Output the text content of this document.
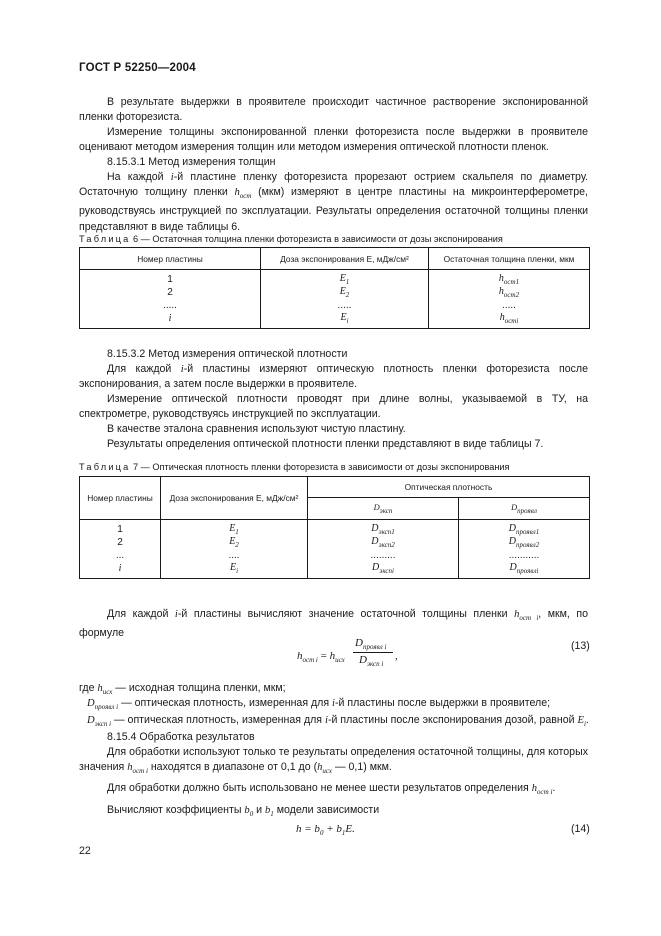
ГОСТ Р 52250—2004
В результате выдержки в проявителе происходит частичное растворение экспонированной пленки фоторезиста.
Измерение толщины экспонированной пленки фоторезиста после выдержки в проявителе оценивают методом измерения толщин или методом измерения оптической плотности пленок.
8.15.3.1 Метод измерения толщин
На каждой i-й пластине пленку фоторезиста прорезают острием скальпеля по диаметру. Остаточную толщину пленки $h_{ост}$ (мкм) измеряют в центре пластины на микроинтерферометре, руководствуясь инструкцией по эксплуатации. Результаты определения остаточной толщины пленки представляют в виде таблицы 6.
Таблица 6 — Остаточная толщина пленки фоторезиста в зависимости от дозы экспонирования
Номер пластины	Доза экспонирования E, мДж/см²	Остаточная толщина пленки, мкм
1	$E_1$	$h_{ост1}$
2	$E_2$	$h_{ост2}$
.....	.....	.....
i	$E_i$	$h_{остi}$
8.15.3.2 Метод измерения оптической плотности
Для каждой i-й пластины измеряют оптическую плотность пленки фоторезиста после экспонирования, а затем после выдержки в проявителе.
Измерение оптической плотности проводят при длине волны, указываемой в ТУ, на спектрометре, руководствуясь инструкцией по эксплуатации.
В качестве эталона сравнения используют чистую пластину.
Результаты определения оптической плотности пленки представляют в виде таблицы 7.
Таблица 7 — Оптическая плотность пленки фоторезиста в зависимости от дозы экспонирования
Номер пластины	Доза экспонирования E, мДж/см²	Оптическая плотность	
		$D_{эксп}$	$D_{проявл}$
1	$E_1$	$D_{эксп1}$	$D_{проявл1}$
2	$E_2$	$D_{эксп2}$	$D_{проявл2}$
...	....	.........	...........
i	$E_i$	$D_{экспi}$	$D_{проявлi}$
Для каждой i-й пластины вычисляют значение остаточной толщины пленки $h_{ост i}$, мкм, по формуле
$h_{ост i} = h_{исх}$
$D_{проявл i}$
$D_{эксп i}$
,
(13)
где $h_{исх}$ — исходная толщина пленки, мкм;
$D_{проявл i}$ — оптическая плотность, измеренная для i-й пластины после выдержки в проявителе;
$D_{эксп i}$ — оптическая плотность, измеренная для i-й пластины после экспонирования дозой, равной $E_i$.
8.15.4 Обработка результатов
Для обработки используют только те результаты определения остаточной толщины, для которых значения $h_{ост i}$ находятся в диапазоне от 0,1 до ($h_{исх}$ — 0,1) мкм.
Для обработки должно быть использовано не менее шести результатов определения $h_{ост i}$.
Вычисляют коэффициенты $b_0$ и $b_1$ модели зависимости
$h = b_0 + b_1E$.	(14)
22
